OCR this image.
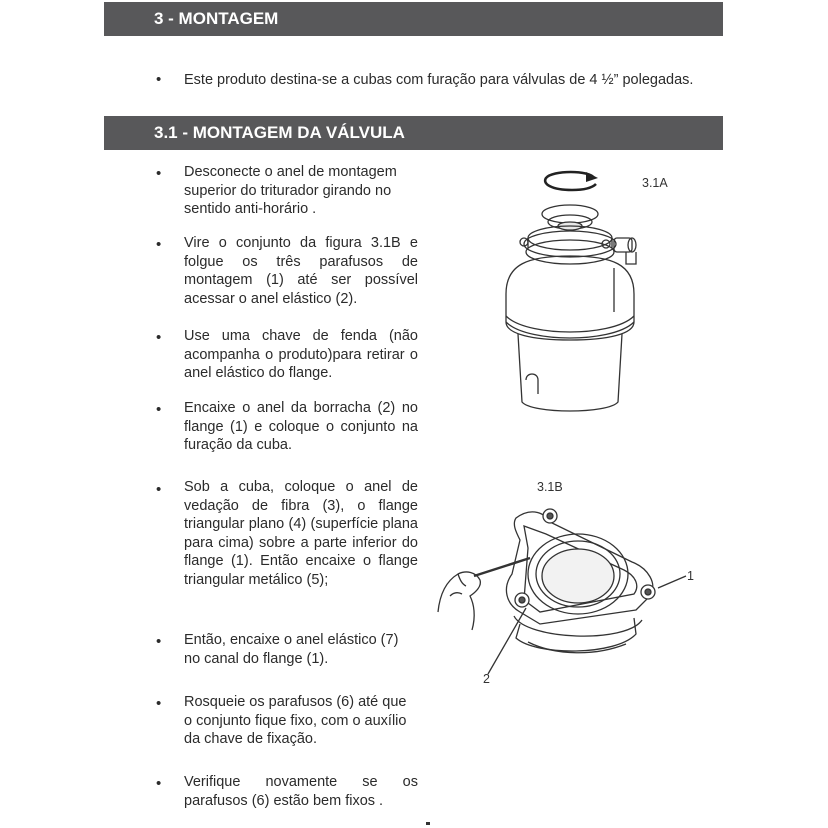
3 - MONTAGEM
• Este produto destina-se a cubas com furação para válvulas de 4 ½” polegadas.
3.1 - MONTAGEM DA VÁLVULA
• Desconecte o anel de montagem superior do triturador girando no sentido anti-horário .
• Vire o conjunto da figura 3.1B e folgue os três parafusos de montagem (1) até ser possível acessar o anel elástico (2).
• Use uma chave de fenda (não acompanha o produto)para retirar o anel elástico do flange.
• Encaixe o anel da borracha (2) no flange (1) e coloque o conjunto na furação da cuba.
• Sob a cuba, coloque o anel de vedação de fibra (3), o flange triangular plano (4) (superfície plana para cima) sobre a parte inferior do flange (1). Então encaixe o flange triangular metálico (5);
• Então, encaixe o anel elástico (7) no canal do flange (1).
• Rosqueie os parafusos (6) até que o conjunto fique fixo, com o auxílio da chave de fixação.
• Verifique novamente se os parafusos (6) estão bem fixos .
3.1A
3.1B
1
2
